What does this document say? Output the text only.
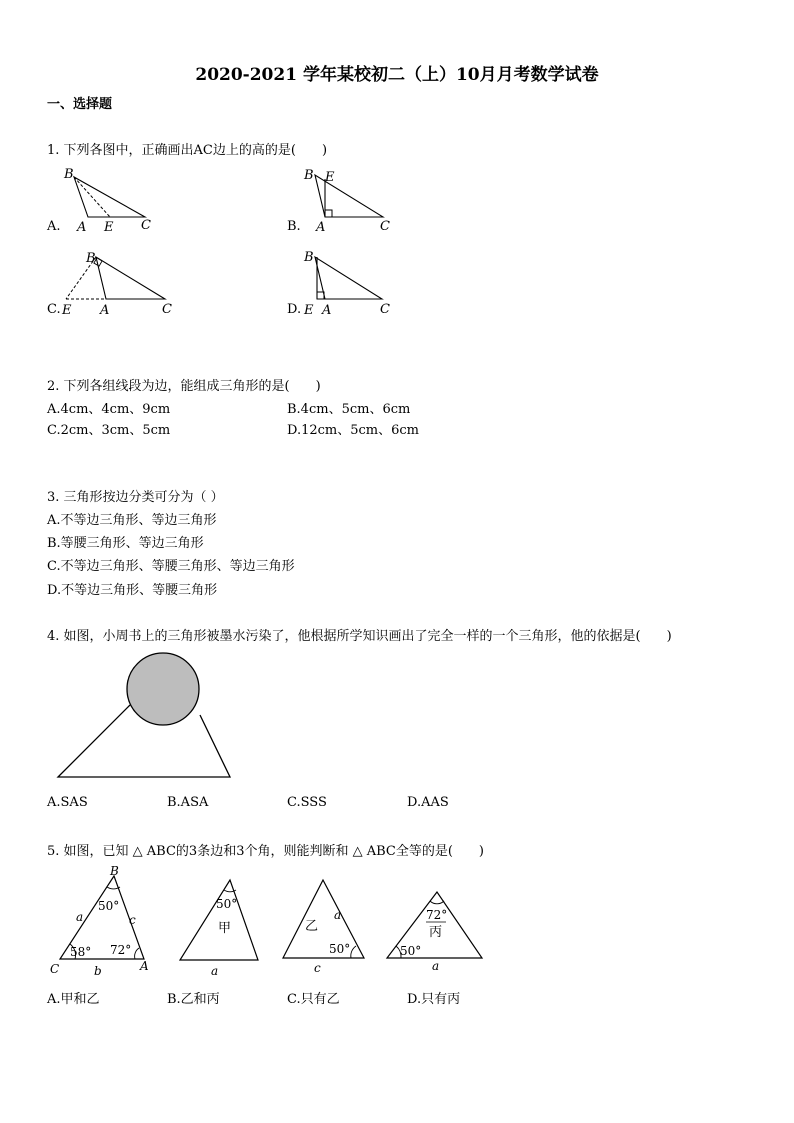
2020-2021 学年某校初二（上）10月月考数学试卷
一、选择题
1. 下列各图中，正确画出AC边上的高的是(　　)
A.
B
A E C	B.
B E
A	C
C.
B
E A	C	D.
B
E A	C
2. 下列各组线段为边，能组成三角形的是(　　)
A.4cm、4cm、9cm	B.4cm、5cm、6cm
C.2cm、3cm、5cm	D.12cm、5cm、6cm
3. 三角形按边分类可分为（ ）
A.不等边三角形、等边三角形
B.等腰三角形、等边三角形
C.不等边三角形、等腰三角形、等边三角形
D.不等边三角形、等腰三角形
4. 如图，小周书上的三角形被墨水污染了，他根据所学知识画出了完全一样的一个三角形，他的依据是(　　)
A.SAS	B.ASA	C.SSS	D.AAS
5. 如图，已知 △ ABC的3条边和3个角，则能判断和 △ ABC全等的是(　　)
B
C	A
a
b
c
50°
58° 72°
50°
甲
a
乙
a
50°
c
72°
丙
50°
a
A.甲和乙	B.乙和丙	C.只有乙	D.只有丙
